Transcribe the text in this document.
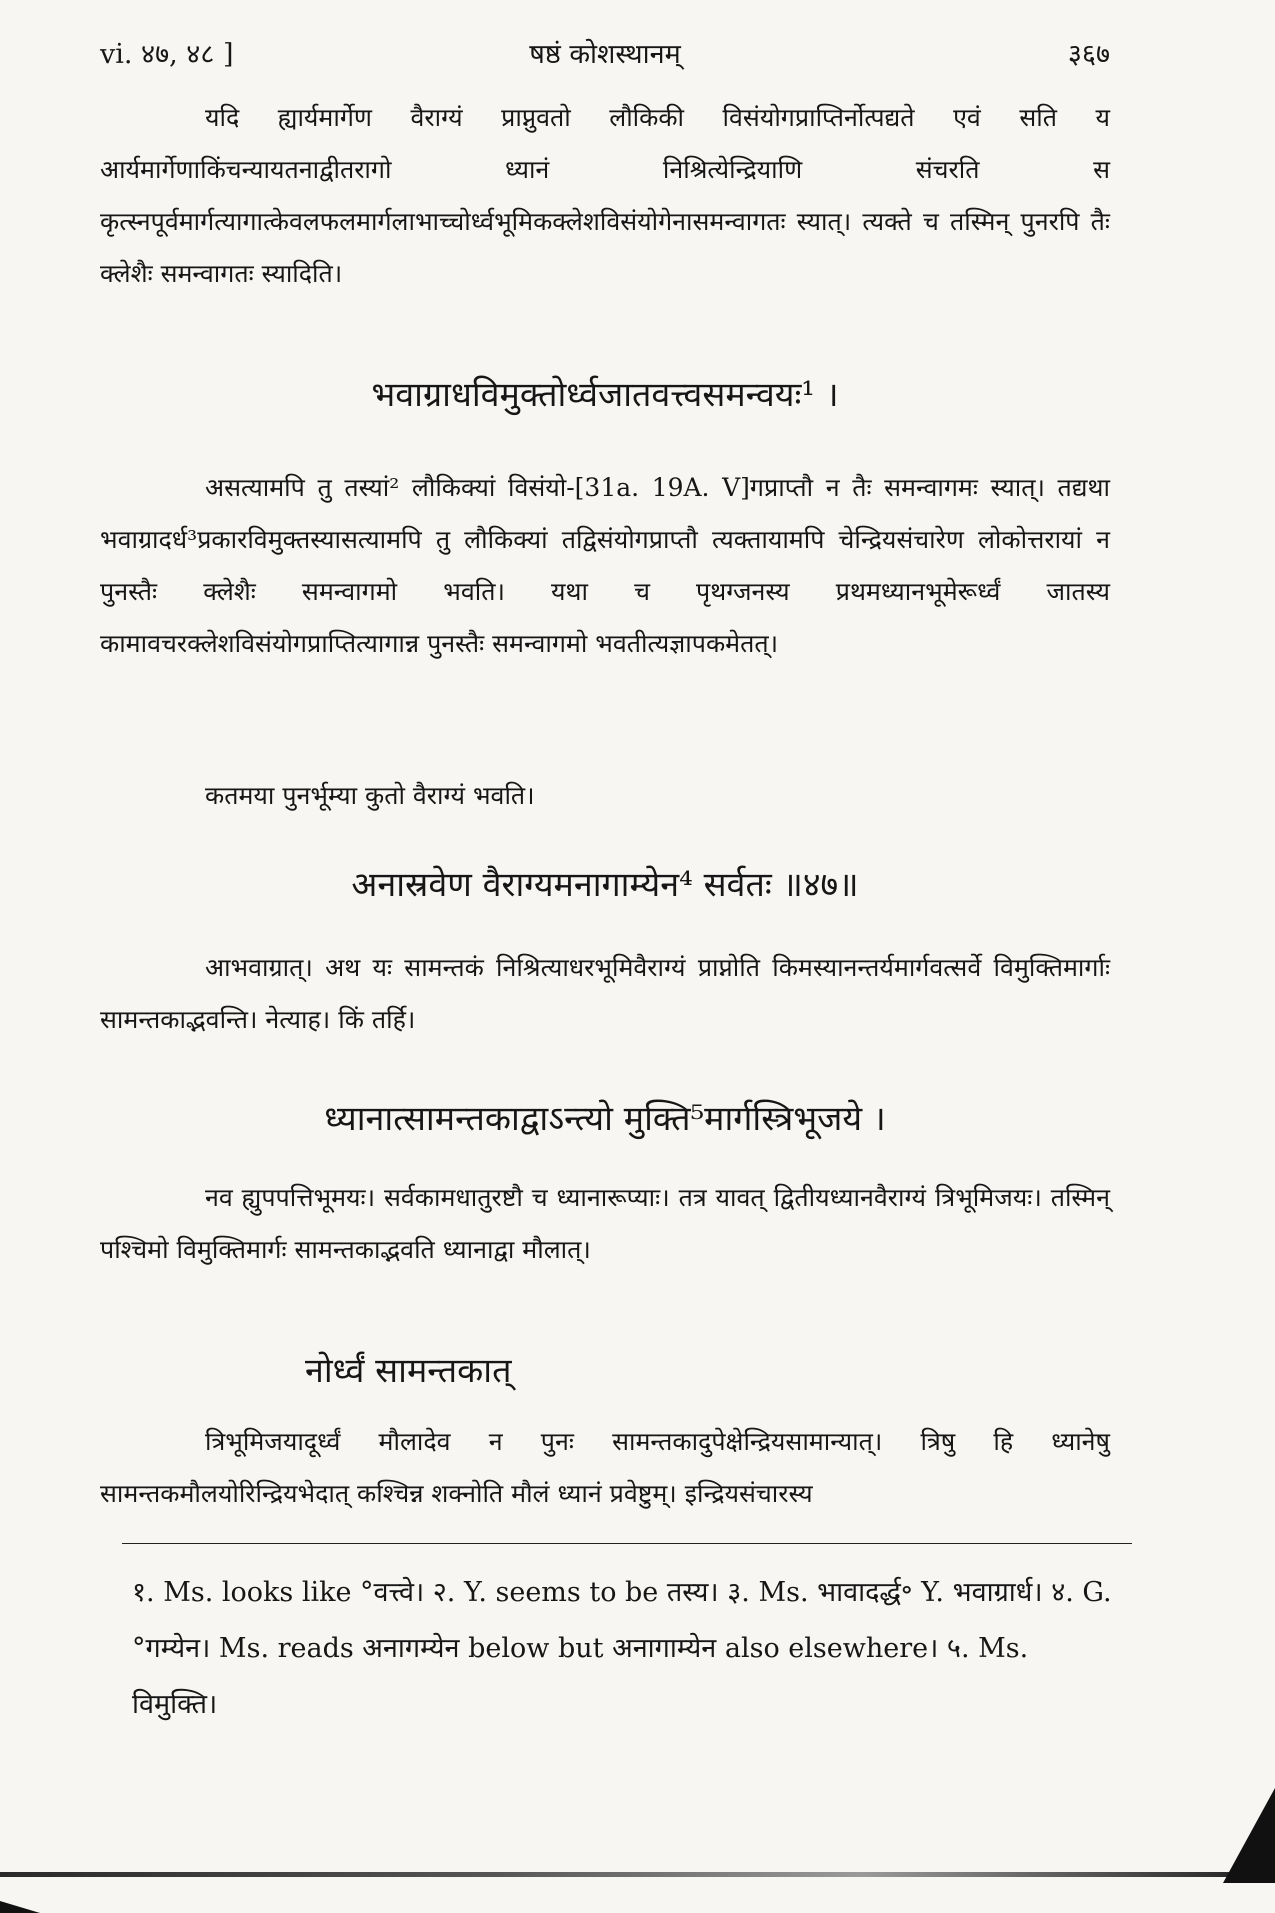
vi. ४७, ४८ ]	षष्ठं कोशस्थानम्	३६७

यदि ह्यार्यमार्गेण वैराग्यं प्राप्नुवतो लौकिकी विसंयोगप्राप्तिर्नोत्पद्यते एवं सति य आर्यमार्गेणाकिंचन्यायतनाद्वीतरागो ध्यानं निश्रित्येन्द्रियाणि संचरति स कृत्स्नपूर्वमार्गत्यागात्केवलफलमार्गलाभाच्चोर्ध्वभूमिकक्लेशविसंयोगेनासमन्वागतः स्यात्। त्यक्ते च तस्मिन् पुनरपि तैः क्लेशैः समन्वागतः स्यादिति।

भवाग्राधविमुक्तोर्ध्वजातवत्त्वसमन्वयः¹ ।

असत्यामपि तु तस्यां² लौकिक्यां विसंयो-[31a. 19A. V]गप्राप्तौ न तैः समन्वागमः स्यात्। तद्यथा भवाग्रादर्ध³प्रकारविमुक्तस्यासत्यामपि तु लौकिक्यां तद्विसंयोगप्राप्तौ त्यक्तायामपि चेन्द्रियसंचारेण लोकोत्तरायां न पुनस्तैः क्लेशैः समन्वागमो भवति। यथा च पृथग्जनस्य प्रथमध्यानभूमेरूर्ध्वं जातस्य कामावचरक्लेशविसंयोगप्राप्तित्यागान्न पुनस्तैः समन्वागमो भवतीत्यज्ञापकमेतत्।

कतमया पुनर्भूम्या कुतो वैराग्यं भवति।

अनास्रवेण वैराग्यमनागाम्येन⁴ सर्वतः ॥४७॥

आभवाग्रात्। अथ यः सामन्तकं निश्रित्याधरभूमिवैराग्यं प्राप्नोति किमस्यानन्तर्यमार्गवत्सर्वे विमुक्तिमार्गाः सामन्तकाद्भवन्ति। नेत्याह। किं तर्हि।

ध्यानात्सामन्तकाद्वाऽन्त्यो मुक्ति⁵मार्गस्त्रिभूजये ।

नव ह्युपपत्तिभूमयः। सर्वकामधातुरष्टौ च ध्यानारूप्याः। तत्र यावत् द्वितीयध्यानवैराग्यं त्रिभूमिजयः। तस्मिन् पश्चिमो विमुक्तिमार्गः सामन्तकाद्भवति ध्यानाद्वा मौलात्।

नोर्ध्वं सामन्तकात्

त्रिभूमिजयादूर्ध्वं मौलादेव न पुनः सामन्तकादुपेक्षेन्द्रियसामान्यात्। त्रिषु हि ध्यानेषु सामन्तकमौलयोरिन्द्रियभेदात् कश्चिन्न शक्नोति मौलं ध्यानं प्रवेष्टुम्। इन्द्रियसंचारस्य

१. Ms. looks like °वत्त्वे। २. Y. seems to be तस्य। ३. Ms. भावादर्द्ध॰ Y. भवाग्रार्ध। ४. G. °गम्येन। Ms. reads अनागम्येन below but अनागाम्येन also elsewhere। ५. Ms. विमुक्ति।
